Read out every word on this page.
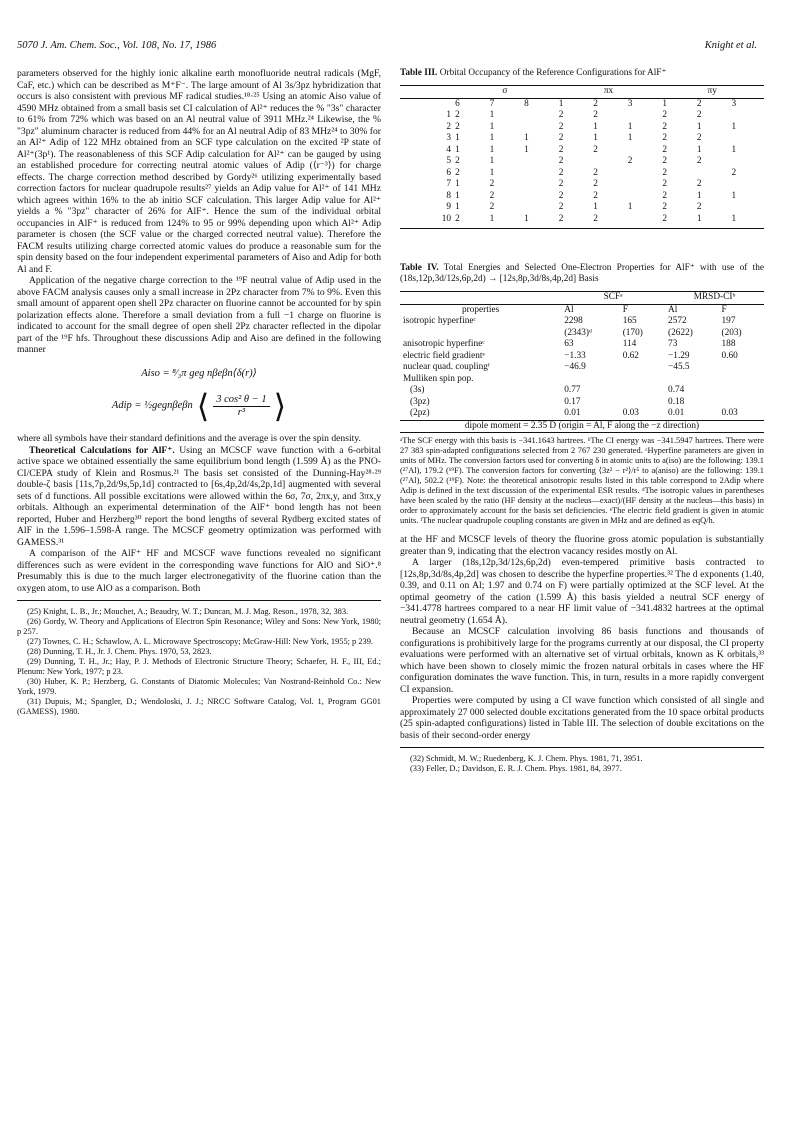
5070 J. Am. Chem. Soc., Vol. 108, No. 17, 1986	Knight et al.

parameters observed for the highly ionic alkaline earth monofluoride neutral radicals (MgF, CaF, etc.) which can be described as M⁺F⁻. The large amount of Al 3s/3pz hybridization that occurs is also consistent with previous MF radical studies.¹⁸·²⁵ Using an atomic Aiso value of 4590 MHz obtained from a small basis set CI calculation of Al²⁺ reduces the % "3s" character to 61% from 72% which was based on an Al neutral value of 3911 MHz.²⁴ Likewise, the % "3pz" aluminum character is reduced from 44% for an Al neutral Adip of 83 MHz²⁴ to 30% for an Al²⁺ Adip of 122 MHz obtained from an SCF type calculation on the excited ²P state of Al²⁺(3p¹). The reasonableness of this SCF Adip calculation for Al²⁺ can be gauged by using an established procedure for correcting neutral atomic values of Adip (⟨r⁻³⟩) for charge effects. The charge correction method described by Gordy²⁶ utilizing experimentally based correction factors for nuclear quadrupole results²⁷ yields an Adip value for Al²⁺ of 141 MHz which agrees within 16% to the ab initio SCF calculation. This larger Adip value for Al²⁺ yields a % "3pz" character of 26% for AlF⁺. Hence the sum of the individual orbital occupancies in AlF⁺ is reduced from 124% to 95 or 99% depending upon which Al²⁺ Adip parameter is chosen (the SCF value or the charged corrected neutral value). Therefore the FACM results utilizing charge corrected atomic values do produce a reasonable sum for the spin density based on the four independent experimental parameters of Aiso and Adip for both Al and F.

Application of the negative charge correction to the ¹⁹F neutral value of Adip used in the above FACM analysis causes only a small increase in 2Pz character from 7% to 9%. Even this small amount of apparent open shell 2Pz character on fluorine cannot be accounted for by spin polarization effects alone. Therefore a small deviation from a full −1 charge on fluorine is indicated to account for the small degree of open shell 2Pz character reflected in the dipolar part of the ¹⁹F hfs. Throughout these discussions Adip and Aiso are defined in the following manner

Aiso = ⁸⁄₃π geg nβeβn⟨δ(r)⟩
Adip = ½gegnβeβn ⟨ $\frac{\text{3 cos² θ − 1}}{\text{r³}}$ ⟩

where all symbols have their standard definitions and the average is over the spin density.

Theoretical Calculations for AlF⁺. Using an MCSCF wave function with a 6-orbital active space we obtained essentially the same equilibrium bond length (1.599 Å) as the PNO-CI/CEPA study of Klein and Rosmus.²¹ The basis set consisted of the Dunning-Hay²⁸·²⁹ double-ζ basis [11s,7p,2d/9s,5p,1d] contracted to [6s,4p,2d/4s,2p,1d] augmented with several sets of d functions. All possible excitations were allowed within the 6σ, 7σ, 2πx,y, and 3πx,y orbitals. Although an experimental determination of the AlF⁺ bond length has not been reported, Huber and Herzberg³⁰ report the bond lengths of several Rydberg excited states of AlF in the 1.596–1.598-Å range. The MCSCF geometry optimization was performed with GAMESS.³¹

A comparison of the AlF⁺ HF and MCSCF wave functions revealed no significant differences such as were evident in the corresponding wave functions for AlO and SiO⁺.⁸ Presumably this is due to the much larger electronegativity of the fluorine cation than the oxygen atom, to use AlO as a comparison. Both

(25) Knight, L. B., Jr.; Mouchet, A.; Beaudry, W. T.; Duncan, M. J. Mag. Reson., 1978, 32, 383.

(26) Gordy, W. Theory and Applications of Electron Spin Resonance; Wiley and Sons: New York, 1980; p 257.

(27) Townes, C. H.; Schawlow, A. L. Microwave Spectroscopy; McGraw-Hill: New York, 1955; p 239.

(28) Dunning, T. H., Jr. J. Chem. Phys. 1970, 53, 2823.

(29) Dunning, T. H., Jr.; Hay, P. J. Methods of Electronic Structure Theory; Schaefer, H. F., III, Ed.; Plenum: New York, 1977; p 23.

(30) Huber, K. P.; Herzberg, G. Constants of Diatomic Molecules; Van Nostrand-Reinhold Co.: New York, 1979.

(31) Dupuis, M.; Spangler, D.; Wendoloski, J. J.; NRCC Software Catalog, Vol. 1, Program GG01 (GAMESS), 1980.

Table III. Orbital Occupancy of the Reference Configurations for AlF⁺
	σ			πx			πy		
	6	7	8	1	2	3	1	2	3
1	2	1		2	2		2	2	
2	2	1		2	1	1	2	1	1
3	1	1	1	2	1	1	2	2	
4	1	1	1	2	2		2	1	1
5	2	1		2		2	2	2	
6	2	1		2	2		2		2
7	1	2		2	2		2	2	
8	1	2		2	2		2	1	1
9	1	2		2	1	1	2	2	
10	2	1	1	2	2		2	1	1
Table IV. Total Energies and Selected One-Electron Properties for AlF⁺ with use of the (18s,12p,3d/12s,6p,2d) → [12s,8p,3d/8s,4p,2d] Basis
	SCFᵃ		MRSD-CIᵇ	
properties	Al	F	Al	F
isotropic hyperfineᶜ	2298	165	2572	197
	(2343)ᵈ	(170)	(2622)	(203)
anisotropic hyperfineᶜ	63	114	73	188
electric field gradientᵉ	−1.33	0.62	−1.29	0.60
nuclear quad. couplingᶠ	−46.9		−45.5	
Mulliken spin pop.				
(3s)	0.77		0.74	
(3pz)	0.17		0.18	
(2pz)	0.01	0.03	0.01	0.03
dipole moment = 2.35 D (origin = Al, F along the −z direction)				
ᵃThe SCF energy with this basis is −341.1643 hartrees. ᵇThe CI energy was −341.5947 hartrees. There were 27 383 spin-adapted configurations selected from 2 767 230 generated. ᶜHyperfine parameters are given in units of MHz. The conversion factors used for converting δ in atomic units to a(iso) are the following: 139.1 (²⁷Al), 179.2 (¹⁹F). The conversion factors for converting ⟨3z² − r²⟩/r⁵ to a(aniso) are the following: 139.1 (²⁷Al), 502.2 (¹⁹F). Note: the theoretical anisotropic results listed in this table correspond to 2Adip where Adip is defined in the text discussion of the experimental ESR results. ᵈThe isotropic values in parentheses have been scaled by the ratio (HF density at the nucleus—exact)/(HF density at the nucleus—this basis) in order to approximately account for the basis set deficiencies. ᵉThe electric field gradient is given in atomic units. ᶠThe nuclear quadrupole coupling constants are given in MHz and are defined as eqQ/h.

at the HF and MCSCF levels of theory the fluorine gross atomic population is substantially greater than 9, indicating that the electron vacancy resides mostly on Al.

A larger (18s,12p,3d/12s,6p,2d) even-tempered primitive basis contracted to [12s,8p,3d/8s,4p,2d] was chosen to describe the hyperfine properties.³² The d exponents (1.40, 0.39, and 0.11 on Al; 1.97 and 0.74 on F) were partially optimized at the SCF level. At the optimal geometry of the cation (1.599 Å) this basis yielded a neutral SCF energy of −341.4778 hartrees compared to a near HF limit value of −341.4832 hartrees at the optimal neutral geometry (1.654 Å).

Because an MCSCF calculation involving 86 basis functions and thousands of configurations is prohibitively large for the programs currently at our disposal, the CI property evaluations were performed with an alternative set of virtual orbitals, known as K orbitals,³³ which have been shown to closely mimic the frozen natural orbitals in cases where the HF configuration dominates the wave function. This, in turn, results in a more rapidly convergent CI expansion.

Properties were computed by using a CI wave function which consisted of all single and approximately 27 000 selected double excitations generated from the 10 space orbital products (25 spin-adapted configurations) listed in Table III. The selection of double excitations on the basis of their second-order energy

(32) Schmidt, M. W.; Ruedenberg, K. J. Chem. Phys. 1981, 71, 3951.

(33) Feller, D.; Davidson, E. R. J. Chem. Phys. 1981, 84, 3977.
